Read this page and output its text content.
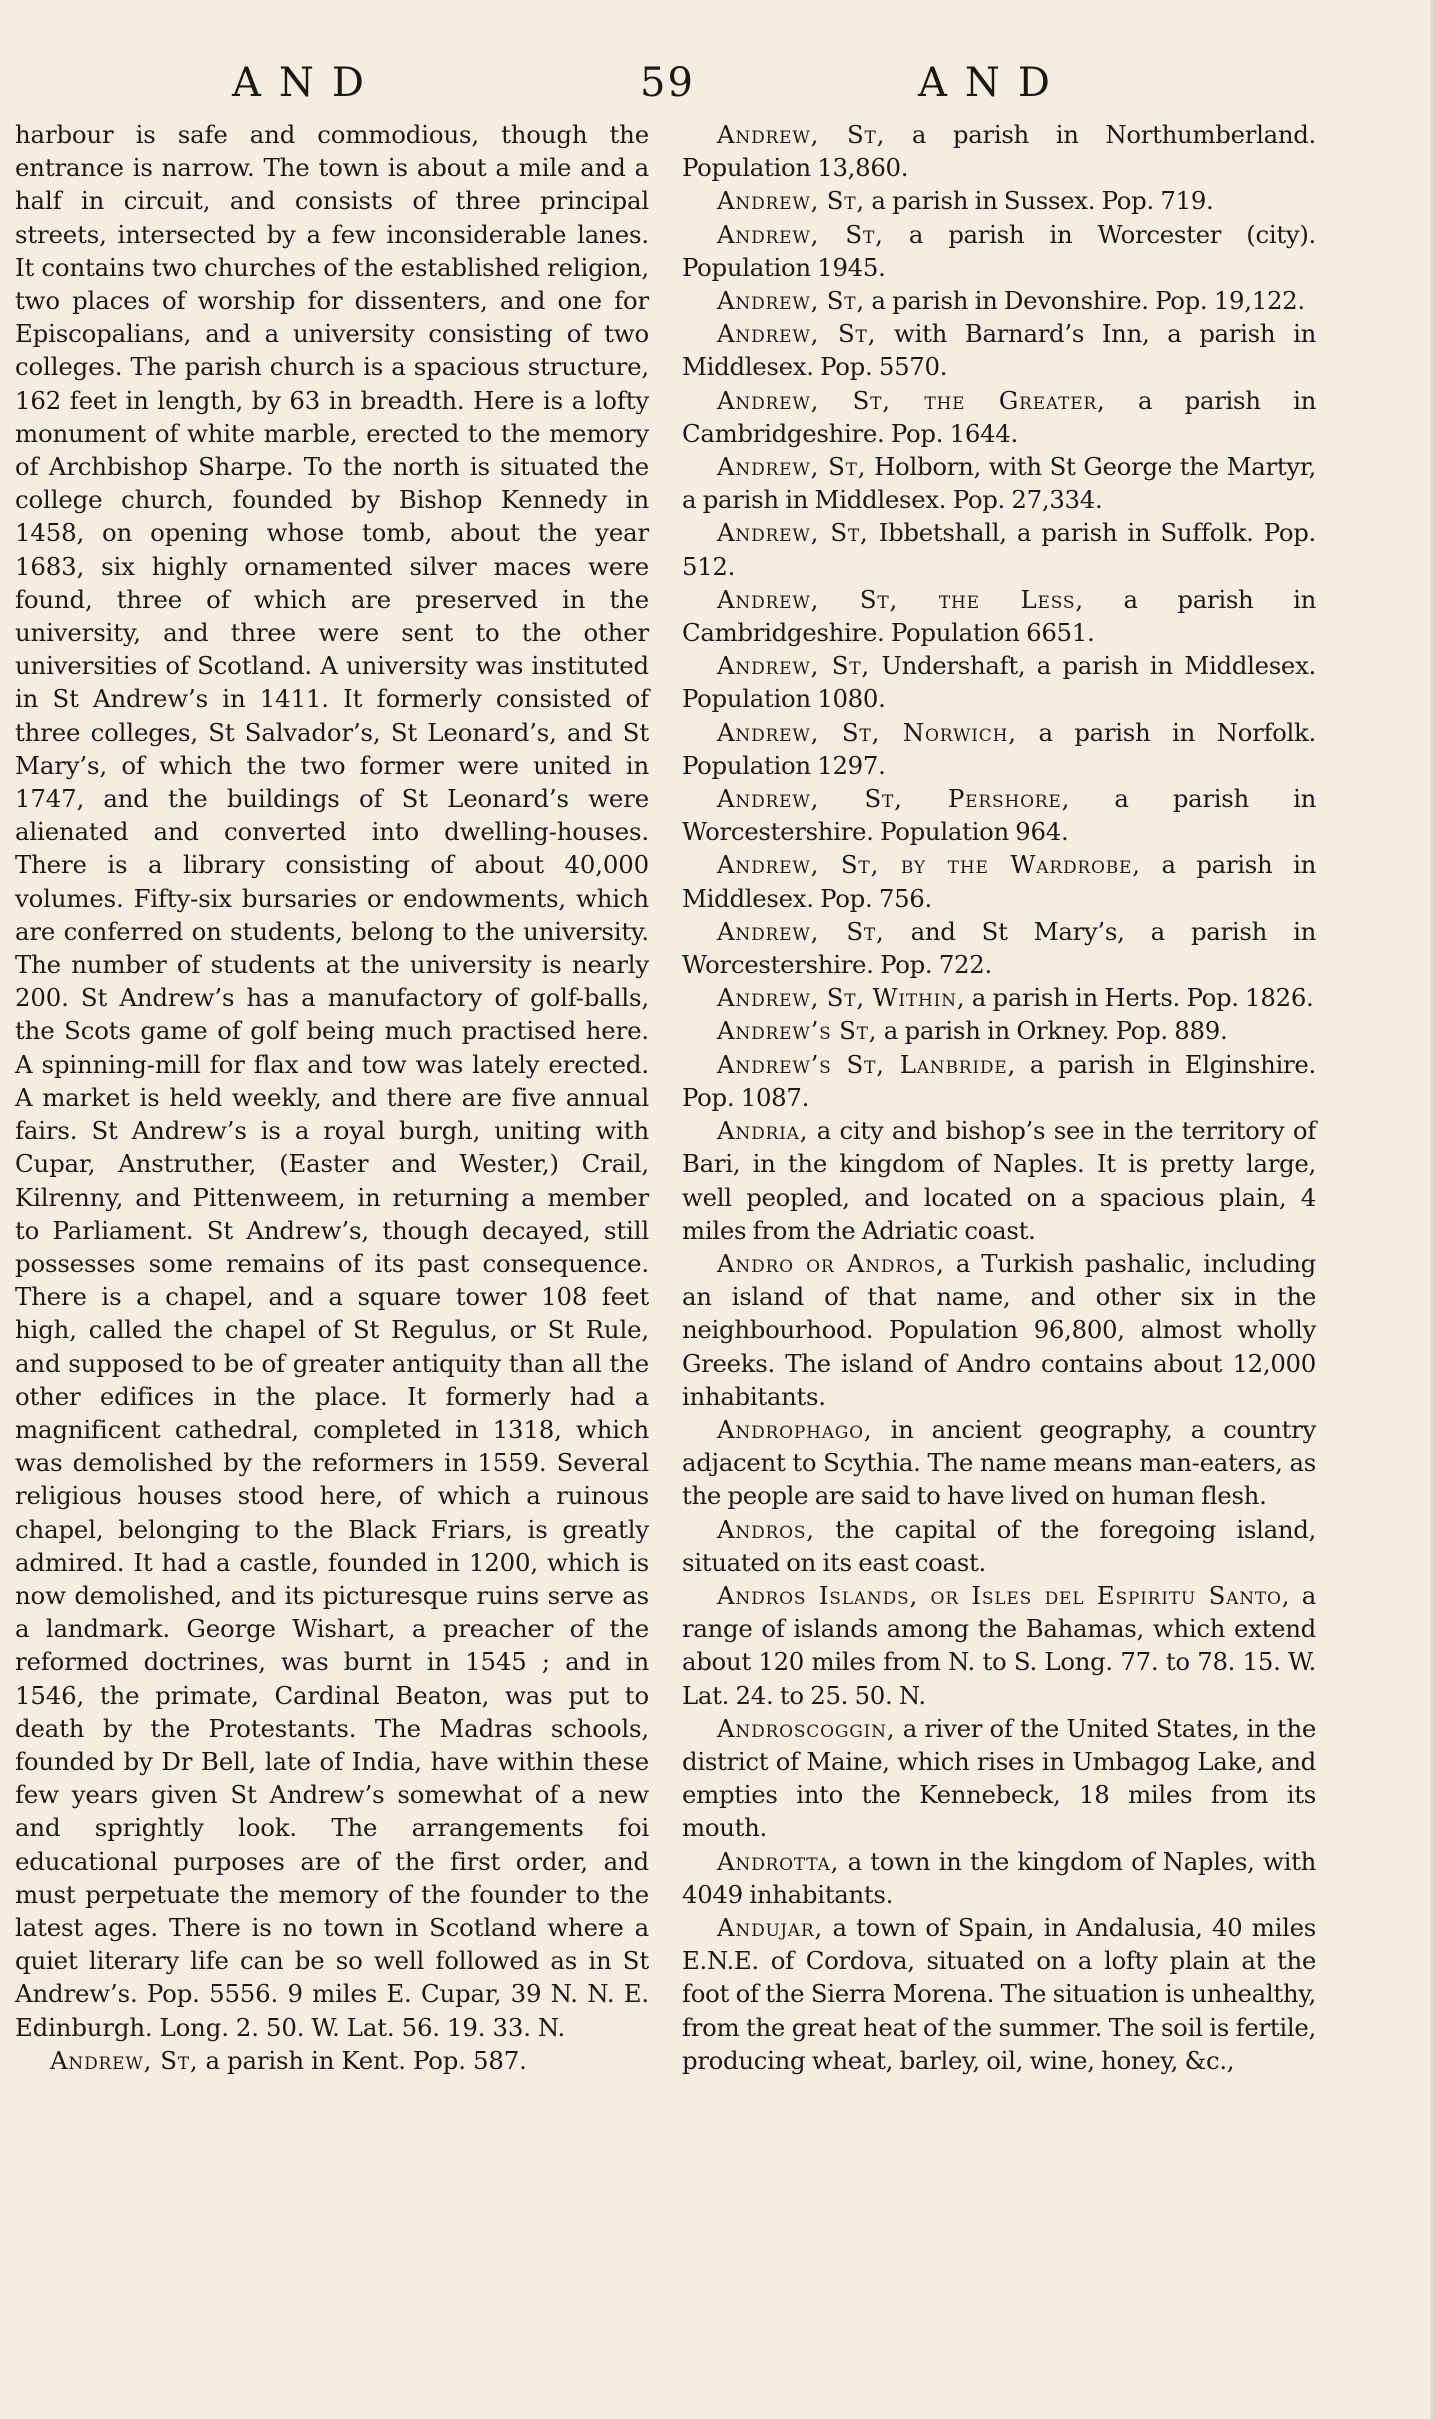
AND	59	AND

harbour is safe and commodious, though the entrance is narrow. The town is about a mile and a half in circuit, and consists of three principal streets, intersected by a few inconsiderable lanes. It contains two churches of the established religion, two places of worship for dissenters, and one for Episcopalians, and a university consisting of two colleges. The parish church is a spacious structure, 162 feet in length, by 63 in breadth. Here is a lofty monument of white marble, erected to the memory of Archbishop Sharpe. To the north is situated the college church, founded by Bishop Kennedy in 1458, on opening whose tomb, about the year 1683, six highly ornamented silver maces were found, three of which are preserved in the university, and three were sent to the other universities of Scotland. A university was instituted in St Andrew’s in 1411. It formerly consisted of three colleges, St Salvador’s, St Leonard’s, and St Mary’s, of which the two former were united in 1747, and the buildings of St Leonard’s were alienated and converted into dwelling-houses. There is a library consisting of about 40,000 volumes. Fifty-six bursaries or endowments, which are conferred on students, belong to the university. The number of students at the university is nearly 200. St Andrew’s has a manufactory of golf-balls, the Scots game of golf being much practised here. A spinning-mill for flax and tow was lately erected. A market is held weekly, and there are five annual fairs. St Andrew’s is a royal burgh, uniting with Cupar, Anstruther, (Easter and Wester,) Crail, Kilrenny, and Pittenweem, in returning a member to Parliament. St Andrew’s, though decayed, still possesses some remains of its past consequence. There is a chapel, and a square tower 108 feet high, called the chapel of St Regulus, or St Rule, and supposed to be of greater antiquity than all the other edifices in the place. It formerly had a magnificent cathedral, completed in 1318, which was demolished by the reformers in 1559. Several religious houses stood here, of which a ruinous chapel, belonging to the Black Friars, is greatly admired. It had a castle, founded in 1200, which is now demolished, and its picturesque ruins serve as a landmark. George Wishart, a preacher of the reformed doctrines, was burnt in 1545 ; and in 1546, the primate, Cardinal Beaton, was put to death by the Protestants. The Madras schools, founded by Dr Bell, late of India, have within these few years given St Andrew’s somewhat of a new and sprightly look. The arrangements foi educational purposes are of the first order, and must perpetuate the memory of the founder to the latest ages. There is no town in Scotland where a quiet literary life can be so well followed as in St Andrew’s. Pop. 5556. 9 miles E. Cupar, 39 N. N. E. Edinburgh. Long. 2. 50. W. Lat. 56. 19. 33. N.

Andrew, St, a parish in Kent. Pop. 587.

Andrew, St, a parish in Northumberland. Population 13,860.

Andrew, St, a parish in Sussex. Pop. 719.

Andrew, St, a parish in Worcester (city). Population 1945.

Andrew, St, a parish in Devonshire. Pop. 19,122.

Andrew, St, with Barnard’s Inn, a parish in Middlesex. Pop. 5570.

Andrew, St, the Greater, a parish in Cambridgeshire. Pop. 1644.

Andrew, St, Holborn, with St George the Martyr, a parish in Middlesex. Pop. 27,334.

Andrew, St, Ibbetshall, a parish in Suffolk. Pop. 512.

Andrew, St, the Less, a parish in Cambridgeshire. Population 6651.

Andrew, St, Undershaft, a parish in Middlesex. Population 1080.

Andrew, St, Norwich, a parish in Norfolk. Population 1297.

Andrew, St, Pershore, a parish in Worcestershire. Population 964.

Andrew, St, by the Wardrobe, a parish in Middlesex. Pop. 756.

Andrew, St, and St Mary’s, a parish in Worcestershire. Pop. 722.

Andrew, St, Within, a parish in Herts. Pop. 1826.

Andrew’s St, a parish in Orkney. Pop. 889.

Andrew’s St, Lanbride, a parish in Elginshire. Pop. 1087.

Andria, a city and bishop’s see in the territory of Bari, in the kingdom of Naples. It is pretty large, well peopled, and located on a spacious plain, 4 miles from the Adriatic coast.

Andro or Andros, a Turkish pashalic, including an island of that name, and other six in the neighbourhood. Population 96,800, almost wholly Greeks. The island of Andro contains about 12,000 inhabitants.

Androphago, in ancient geography, a country adjacent to Scythia. The name means man-eaters, as the people are said to have lived on human flesh.

Andros, the capital of the foregoing island, situated on its east coast.

Andros Islands, or Isles del Espiritu Santo, a range of islands among the Bahamas, which extend about 120 miles from N. to S. Long. 77. to 78. 15. W. Lat. 24. to 25. 50. N.

Androscoggin, a river of the United States, in the district of Maine, which rises in Umbagog Lake, and empties into the Kennebeck, 18 miles from its mouth.

Androtta, a town in the kingdom of Naples, with 4049 inhabitants.

Andujar, a town of Spain, in Andalusia, 40 miles E.N.E. of Cordova, situated on a lofty plain at the foot of the Sierra Morena. The situation is unhealthy, from the great heat of the summer. The soil is fertile, producing wheat, barley, oil, wine, honey, &c.,
